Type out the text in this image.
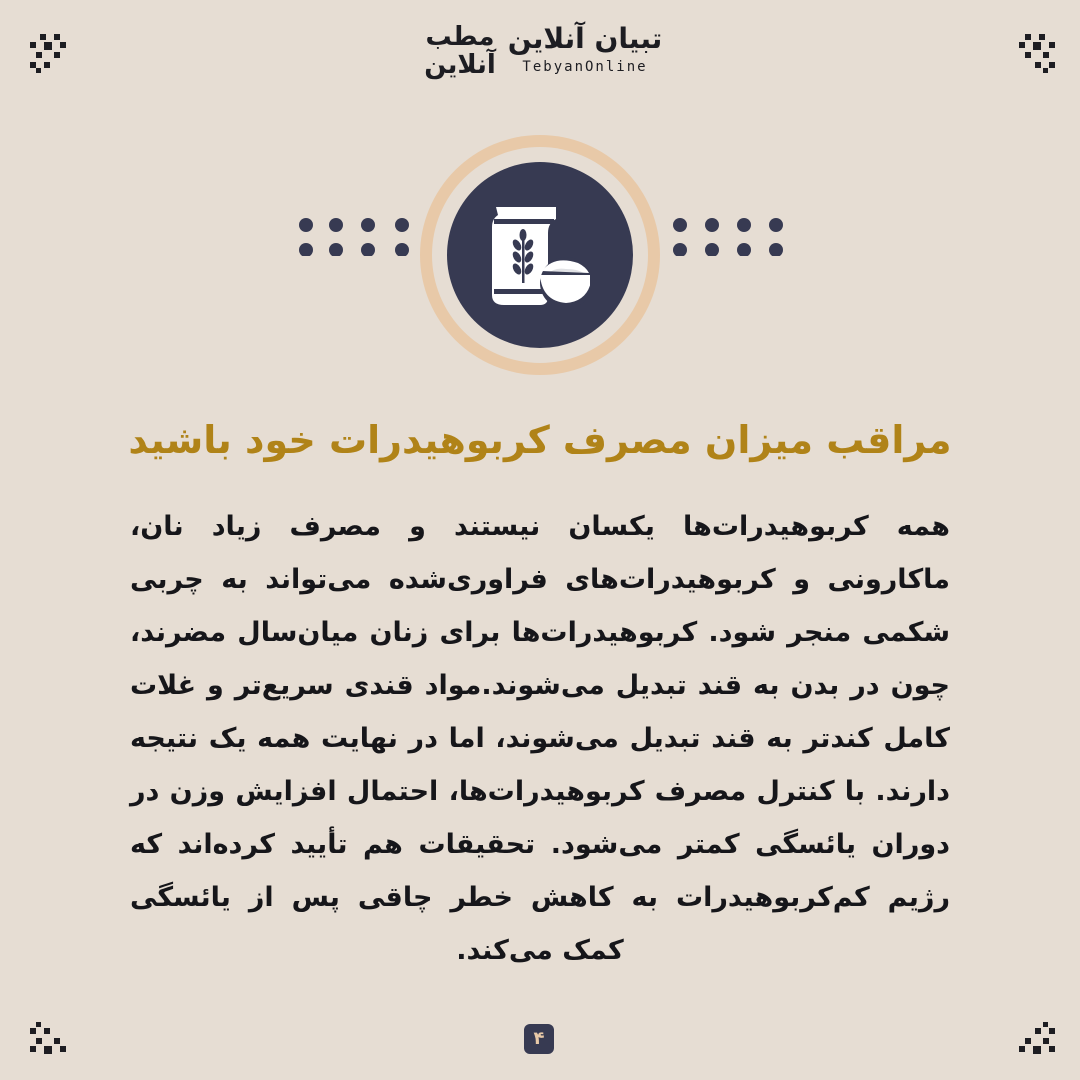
مطب
آنلاین
تبیان آنلاین
TebyanOnline
مراقب میزان مصرف کربوهیدرات خود باشید
همه کربوهیدرات‌ها یکسان نیستند و مصرف زیاد نان، ماکارونی و کربوهیدرات‌های فراوری‌شده می‌تواند به چربی شکمی منجر شود. کربوهیدرات‌ها برای زنان میان‌سال مضرند، چون در بدن به قند تبدیل می‌شوند.مواد قندی سریع‌تر و غلات کامل کندتر به قند تبدیل می‌شوند، اما در نهایت همه یک نتیجه دارند. با کنترل مصرف کربوهیدرات‌ها، احتمال افزایش وزن در دوران یائسگی کمتر می‌شود. تحقیقات هم تأیید کرده‌اند که رژیم کم‌کربوهیدرات به کاهش خطر چاقی پس از یائسگی کمک می‌کند.
۴
